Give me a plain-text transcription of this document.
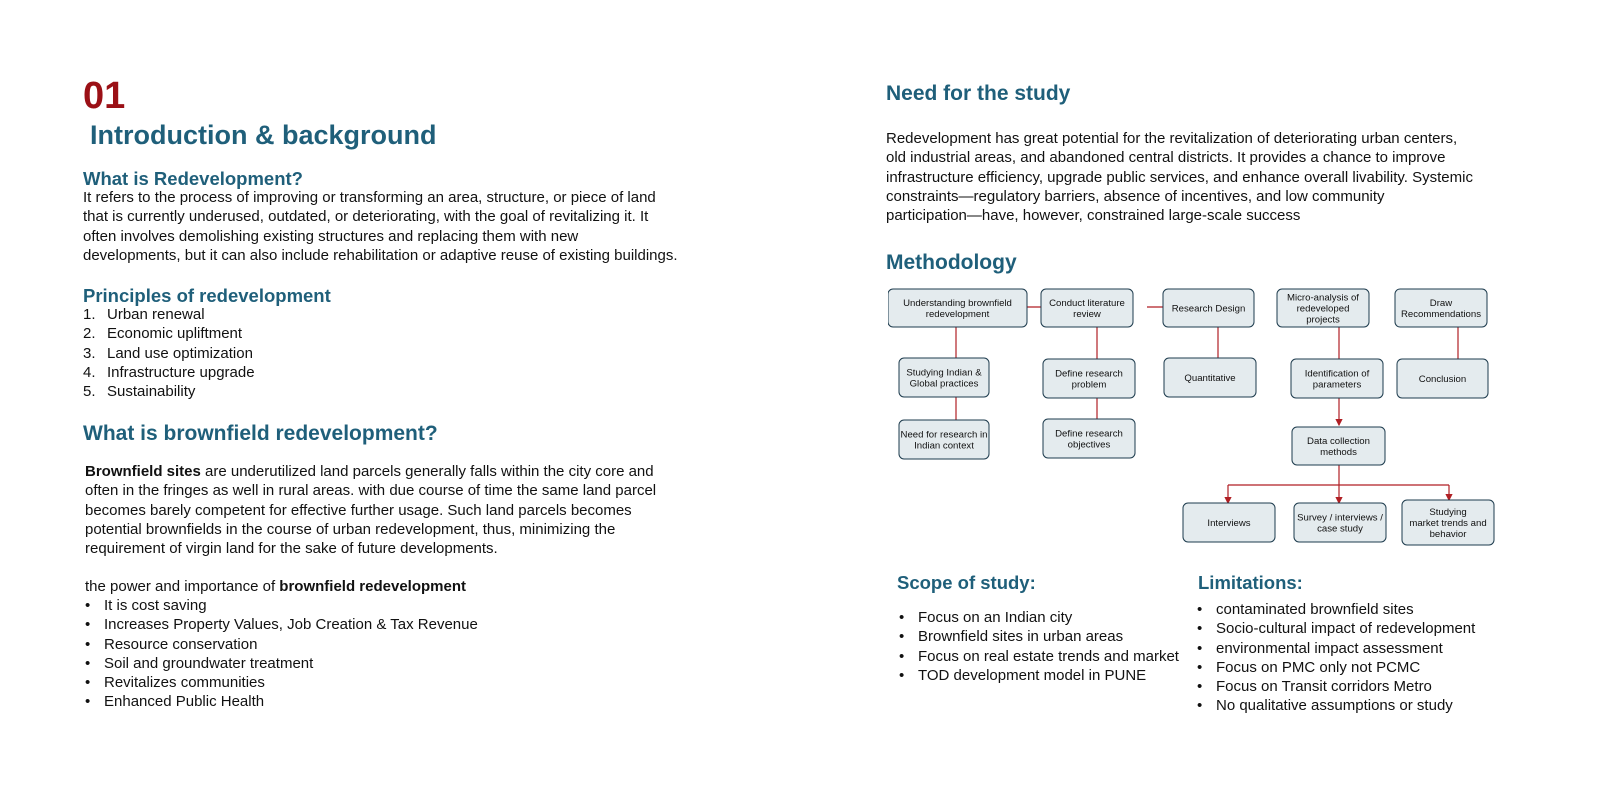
01
Introduction & background
What is Redevelopment?

It refers to the process of improving or transforming an area, structure, or piece of land

that is currently underused, outdated, or deteriorating, with the goal of revitalizing it. It

often involves demolishing existing structures and replacing them with new

developments, but it can also include rehabilitation or adaptive reuse of existing buildings.

Principles of redevelopment
1. Urban renewal
2. Economic upliftment
3. Land use optimization
4. Infrastructure upgrade
5. Sustainability
What is brownfield redevelopment?

Brownfield sites are underutilized land parcels generally falls within the city core and

often in the fringes as well in rural areas. with due course of time the same land parcel

becomes barely competent for effective further usage. Such land parcels becomes

potential brownfields in the course of urban redevelopment, thus, minimizing the

requirement of virgin land for the sake of future developments.

the power and importance of brownfield redevelopment

• It is cost saving
• Increases Property Values, Job Creation & Tax Revenue
• Resource conservation
• Soil and groundwater treatment
• Revitalizes communities
• Enhanced Public Health
Need for the study

Redevelopment has great potential for the revitalization of deteriorating urban centers,

old industrial areas, and abandoned central districts. It provides a chance to improve

infrastructure efficiency, upgrade public services, and enhance overall livability. Systemic

constraints—regulatory barriers, absence of incentives, and low community

participation—have, however, constrained large-scale success

Methodology
Understanding brownfield
redevelopment
Conduct literature
review	Research Design
Micro-analysis of
redeveloped
projects
Draw
Recommendations
Studying Indian &
Global practices
Define research
problem
Quantitative	Identification of
parameters	Conclusion
Need for research in
Indian context
Define research
objectives	Data collection
methods
Interviews	Survey / interviews /
case study
Studying
market trends and
behavior
Scope of study:
• Focus on an Indian city
• Brownfield sites in urban areas
• Focus on real estate trends and market
• TOD development model in PUNE
Limitations:
• contaminated brownfield sites
• Socio-cultural impact of redevelopment
• environmental impact assessment
• Focus on PMC only not PCMC
• Focus on Transit corridors Metro
• No qualitative assumptions or study
